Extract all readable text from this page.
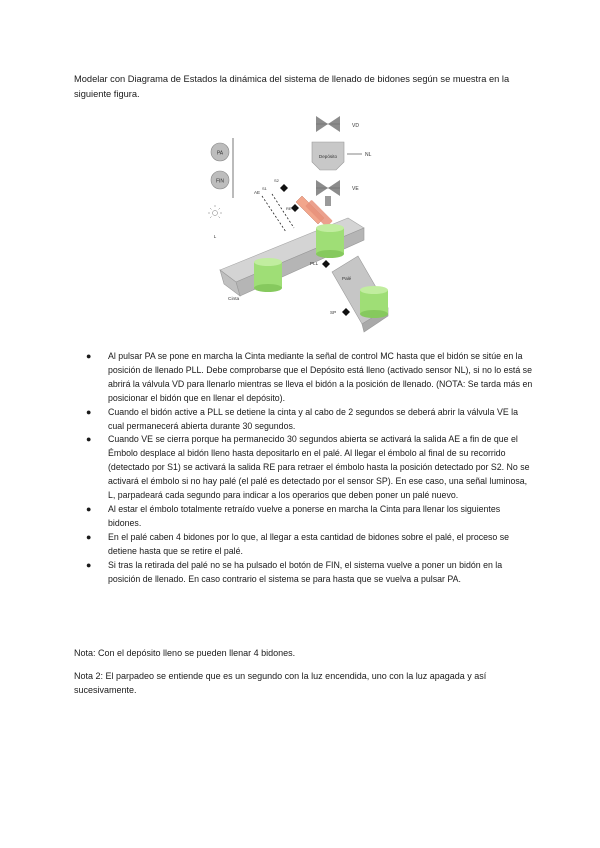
Modelar con Diagrama de Estados la dinámica del sistema de llenado de bidones según se muestra en la siguiente figura.

PA
FIN
L
VD
Depósito	NL
VE
AE
S1
S2
RE
Cinta
Palé
PLL
SP
● Al pulsar PA se pone en marcha la Cinta mediante la señal de control MC hasta que el bidón se sitúe en la posición de llenado PLL. Debe comprobarse que el Depósito está lleno (activado sensor NL), si no lo está se abrirá la válvula VD para llenarlo mientras se lleva el bidón a la posición de llenado. (NOTA: Se tarda más en posicionar el bidón que en llenar el depósito).
● Cuando el bidón active a PLL se detiene la cinta y al cabo de 2 segundos se deberá abrir la válvula VE la cual permanecerá abierta durante 30 segundos.
● Cuando VE se cierra porque ha permanecido 30 segundos abierta se activará la salida AE a fin de que el Émbolo desplace al bidón lleno hasta depositarlo en el palé. Al llegar el émbolo al final de su recorrido (detectado por S1) se activará la salida RE para retraer el émbolo hasta la posición detectado por S2. No se activará el émbolo si no hay palé (el palé es detectado por el sensor SP). En ese caso, una señal luminosa, L, parpadeará cada segundo para indicar a los operarios que deben poner un palé nuevo.
● Al estar el émbolo totalmente retraído vuelve a ponerse en marcha la Cinta para llenar los siguientes bidones.
● En el palé caben 4 bidones por lo que, al llegar a esta cantidad de bidones sobre el palé, el proceso se detiene hasta que se retire el palé.
● Si tras la retirada del palé no se ha pulsado el botón de FIN, el sistema vuelve a poner un bidón en la posición de llenado. En caso contrario el sistema se para hasta que se vuelva a pulsar PA.

Nota: Con el depósito lleno se pueden llenar 4 bidones.

Nota 2: El parpadeo se entiende que es un segundo con la luz encendida, uno con la luz apagada y así sucesivamente.
